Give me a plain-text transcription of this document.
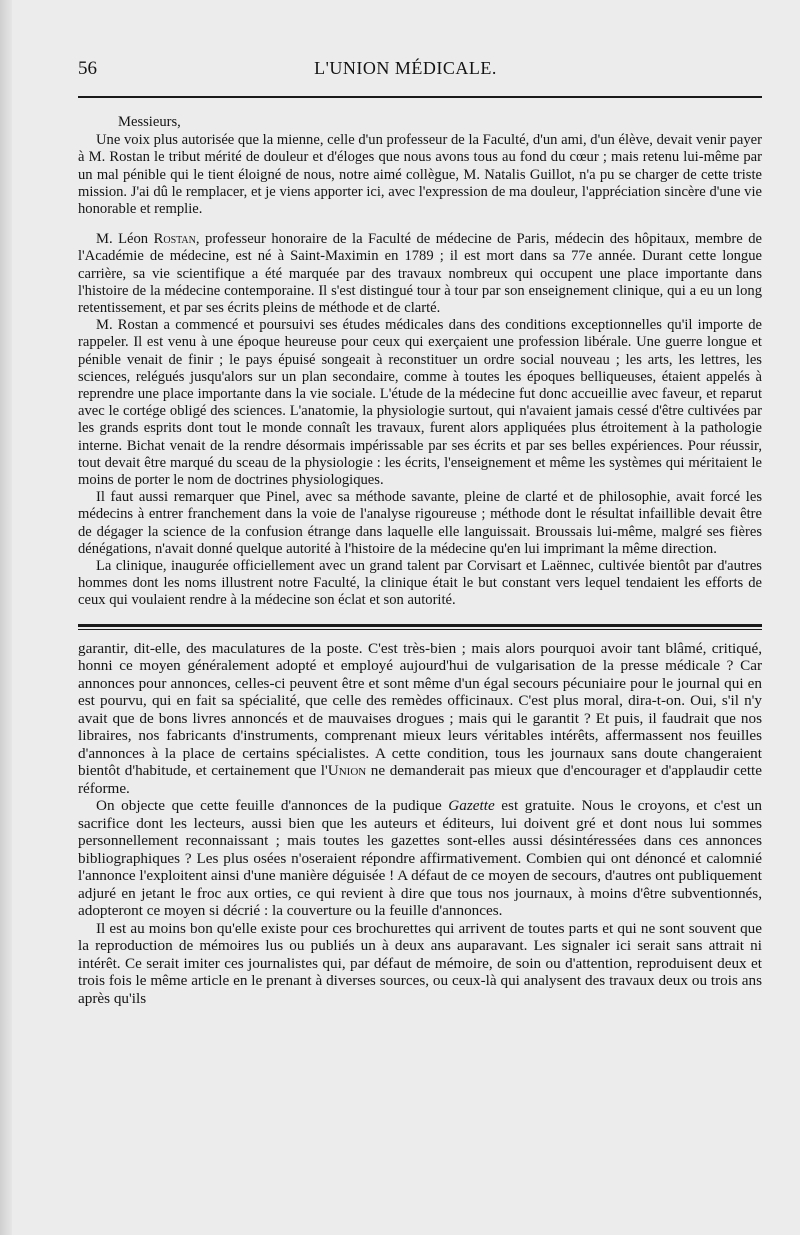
56	L'UNION MÉDICALE.

Messieurs,

Une voix plus autorisée que la mienne, celle d'un professeur de la Faculté, d'un ami, d'un élève, devait venir payer à M. Rostan le tribut mérité de douleur et d'éloges que nous avons tous au fond du cœur ; mais retenu lui-même par un mal pénible qui le tient éloigné de nous, notre aimé collègue, M. Natalis Guillot, n'a pu se charger de cette triste mission. J'ai dû le remplacer, et je viens apporter ici, avec l'expression de ma douleur, l'appréciation sincère d'une vie honorable et remplie.

M. Léon Rostan, professeur honoraire de la Faculté de médecine de Paris, médecin des hôpitaux, membre de l'Académie de médecine, est né à Saint-Maximin en 1789 ; il est mort dans sa 77e année. Durant cette longue carrière, sa vie scientifique a été marquée par des travaux nombreux qui occupent une place importante dans l'histoire de la médecine contemporaine. Il s'est distingué tour à tour par son enseignement clinique, qui a eu un long retentissement, et par ses écrits pleins de méthode et de clarté.

M. Rostan a commencé et poursuivi ses études médicales dans des conditions exceptionnelles qu'il importe de rappeler. Il est venu à une époque heureuse pour ceux qui exerçaient une profession libérale. Une guerre longue et pénible venait de finir ; le pays épuisé songeait à reconstituer un ordre social nouveau ; les arts, les lettres, les sciences, relégués jusqu'alors sur un plan secondaire, comme à toutes les époques belliqueuses, étaient appelés à reprendre une place importante dans la vie sociale. L'étude de la médecine fut donc accueillie avec faveur, et reparut avec le cortége obligé des sciences. L'anatomie, la physiologie surtout, qui n'avaient jamais cessé d'être cultivées par les grands esprits dont tout le monde connaît les travaux, furent alors appliquées plus étroitement à la pathologie interne. Bichat venait de la rendre désormais impérissable par ses écrits et par ses belles expériences. Pour réussir, tout devait être marqué du sceau de la physiologie : les écrits, l'enseignement et même les systèmes qui méritaient le moins de porter le nom de doctrines physiologiques.

Il faut aussi remarquer que Pinel, avec sa méthode savante, pleine de clarté et de philosophie, avait forcé les médecins à entrer franchement dans la voie de l'analyse rigoureuse ; méthode dont le résultat infaillible devait être de dégager la science de la confusion étrange dans laquelle elle languissait. Broussais lui-même, malgré ses fières dénégations, n'avait donné quelque autorité à l'histoire de la médecine qu'en lui imprimant la même direction.

La clinique, inaugurée officiellement avec un grand talent par Corvisart et Laënnec, cultivée bientôt par d'autres hommes dont les noms illustrent notre Faculté, la clinique était le but constant vers lequel tendaient les efforts de ceux qui voulaient rendre à la médecine son éclat et son autorité.

garantir, dit-elle, des maculatures de la poste. C'est très-bien ; mais alors pourquoi avoir tant blâmé, critiqué, honni ce moyen généralement adopté et employé aujourd'hui de vulgarisation de la presse médicale ? Car annonces pour annonces, celles-ci peuvent être et sont même d'un égal secours pécuniaire pour le journal qui en est pourvu, qui en fait sa spécialité, que celle des remèdes officinaux. C'est plus moral, dira-t-on. Oui, s'il n'y avait que de bons livres annoncés et de mauvaises drogues ; mais qui le garantit ? Et puis, il faudrait que nos libraires, nos fabricants d'instruments, comprenant mieux leurs véritables intérêts, affermassent nos feuilles d'annonces à la place de certains spécialistes. A cette condition, tous les journaux sans doute changeraient bientôt d'habitude, et certainement que l'Union ne demanderait pas mieux que d'encourager et d'applaudir cette réforme.

On objecte que cette feuille d'annonces de la pudique Gazette est gratuite. Nous le croyons, et c'est un sacrifice dont les lecteurs, aussi bien que les auteurs et éditeurs, lui doivent gré et dont nous lui sommes personnellement reconnaissant ; mais toutes les gazettes sont-elles aussi désintéressées dans ces annonces bibliographiques ? Les plus osées n'oseraient répondre affirmativement. Combien qui ont dénoncé et calomnié l'annonce l'exploitent ainsi d'une manière déguisée ! A défaut de ce moyen de secours, d'autres ont publiquement adjuré en jetant le froc aux orties, ce qui revient à dire que tous nos journaux, à moins d'être subventionnés, adopteront ce moyen si décrié : la couverture ou la feuille d'annonces.

Il est au moins bon qu'elle existe pour ces brochurettes qui arrivent de toutes parts et qui ne sont souvent que la reproduction de mémoires lus ou publiés un à deux ans auparavant. Les signaler ici serait sans attrait ni intérêt. Ce serait imiter ces journalistes qui, par défaut de mémoire, de soin ou d'attention, reproduisent deux et trois fois le même article en le prenant à diverses sources, ou ceux-là qui analysent des travaux deux ou trois ans après qu'ils
